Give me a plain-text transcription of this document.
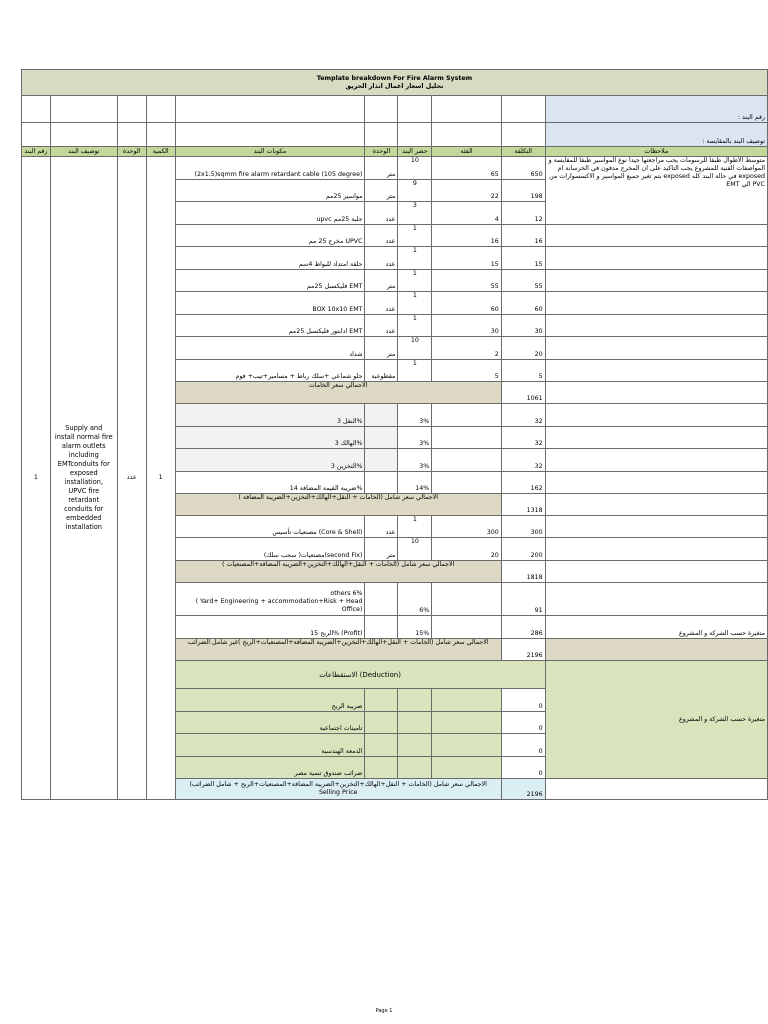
Template breakdown For Fire Alarm System
تحليل اسعار اعمال انذار الحريق									

									رقم البند :
									توصيف البند بالمقايسة :
رقم البند	توصيف البند	الوحدة	الكمية	مكونات البند	الوحدة	حصر البند	الفئة	التكلفة	ملاحظات
1	Supply and install normal fire alarm outlets including EMTconduits for exposed installation, UPVC fire retardant conduits for embedded installation	عدد	1	(2x1.5)sqmm fire alarm retardant cable (105 degree)	متر	10	65	650	متوسط الاطوال طبقا للرسومات يجب مراجعتها جيدا نوع المواسير طبقا للمقايسة و المواصفات الفنية للمشروع يجب التاكيد على ان المخرج مدفون في الخرسانة ام exposed في حالة البند كله exposed يتم تغير جميع المواسير و الاكسسوارات من PVC الي EMT
				مواسير 25مم	متر	9	22	198	
				upvc جلبة 25مم	عدد	3	4	12	
				مخرج 25 مم UPVC	عدد	1	16	16	
				حلقة امتداد للبواط 4سم	عدد	1	15	15	
				فليكسبل 25مم EMT	متر	1	55	55	
				BOX 10x10 EMT	عدد	1	60	60	
				ادابتور فليكسبل 25مم EMT	عدد	1	30	30	
				شداد	متر	10	2	20	
				جلو شماعي +سلك رباط + مسامير+تيب+ فوم	مقطوعية	1	5	5	
				الاجمالي سعر الخامات				1061	
				النقل 3%		3%		32	
				الهالك 3%		3%		32	
				التخزين 3%		3%		32	
				ضريبة القيمة المضافة 14%		14%		162	
				الاجمالي سعر شامل (الخامات + النقل+الهالك+التخزين+الضريبة المضافة )				1318	
				مصنعيات تأسيس (Core & Shell)	عدد	1	300	300	
				مصنعيات( سحب سلك)(second Fix)	متر	10	20	200	
				الاجمالي سعر شامل (الخامات + النقل+الهالك+التخزين+الضريبة المضافة+المصنعيات )				1818	

				others 6%
( Yard+ Engineering + accommodation+Risk + Head Office)		6%		91	
				الربح 15% (Profit)		15%		286	متغيرة حسب الشركة و المشروع
				الاجمالي سعر شامل (الخامات + النقل+الهالك+التخزين+الضريبة المضافة+المصنعيات+الربح )غير شامل الضرائب				2196	
				الاستقطاعات (Deduction)					متغيرة حسب الشركة و المشروع
				ضريبة الربح				0	
				تامينات اجتماعية				0	
				الدمغة الهندسية				0	
				ضرائب صندوق تنمية مصر				0	

				الاجمالي سعر شامل (الخامات + النقل+الهالك+التخزين+الضريبة المضافة+المصنعيات+الربح + شامل الضرائب)
Selling Price				2196	
Page 1
